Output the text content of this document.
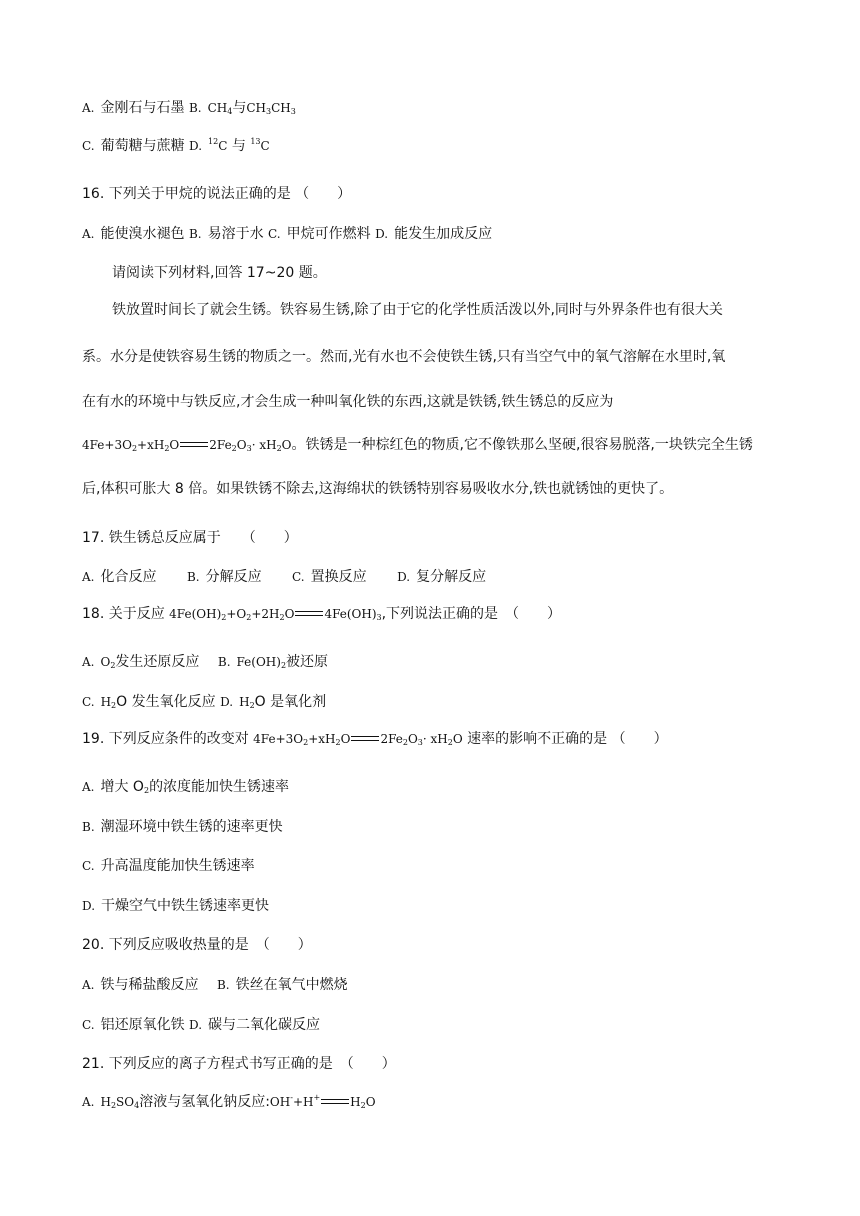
A. 金刚石与石墨 B. $CH_4$与$CH_3CH_3$
C. 葡萄糖与蔗糖 D. $^{12}$C 与 $^{13}$C
16. 下列关于甲烷的说法正确的是 （　　）
A. 能使溴水褪色 B. 易溶于水 C. 甲烷可作燃料 D. 能发生加成反应
请阅读下列材料,回答 17~20 题。
铁放置时间长了就会生锈。铁容易生锈,除了由于它的化学性质活泼以外,同时与外界条件也有很大关
系。水分是使铁容易生锈的物质之一。然而,光有水也不会使铁生锈,只有当空气中的氧气溶解在水里时,氧
在有水的环境中与铁反应,才会生成一种叫氧化铁的东西,这就是铁锈,铁生锈总的反应为
$4Fe+3O_2+xH_2O$	$2Fe_2O_3\cdot xH_2O$。铁锈是一种棕红色的物质,它不像铁那么坚硬,很容易脱落,一块铁完全生锈
后,体积可胀大 8 倍。如果铁锈不除去,这海绵状的铁锈特别容易吸收水分,铁也就锈蚀的更快了。
17. 铁生锈总反应属于　　（　　）
A. 化合反应	B. 分解反应	C. 置换反应	D. 复分解反应
18. 关于反应 $4Fe(OH)_2+O_2+2H_2O$	$4Fe(OH)_3$,下列说法正确的是　（　　）
A. $O_2$发生还原反应 B. $Fe(OH)_2$被还原
C. $H_2O$ 发生氧化反应 D. $H_2O$ 是氧化剂
19. 下列反应条件的改变对 $4Fe+3O_2+xH_2O$	$2Fe_2O_3\cdot xH_2O$ 速率的影响不正确的是 （　　）
A. 增大 $O_2$的浓度能加快生锈速率
B. 潮湿环境中铁生锈的速率更快
C. 升高温度能加快生锈速率
D. 干燥空气中铁生锈速率更快
20. 下列反应吸收热量的是　（　　）
A. 铁与稀盐酸反应 B. 铁丝在氧气中燃烧
C. 铝还原氧化铁 D. 碳与二氧化碳反应
21. 下列反应的离子方程式书写正确的是　（　　）
A. $H_2SO_4$溶液与氢氧化钠反应:OH-+H+	$H_2O$
